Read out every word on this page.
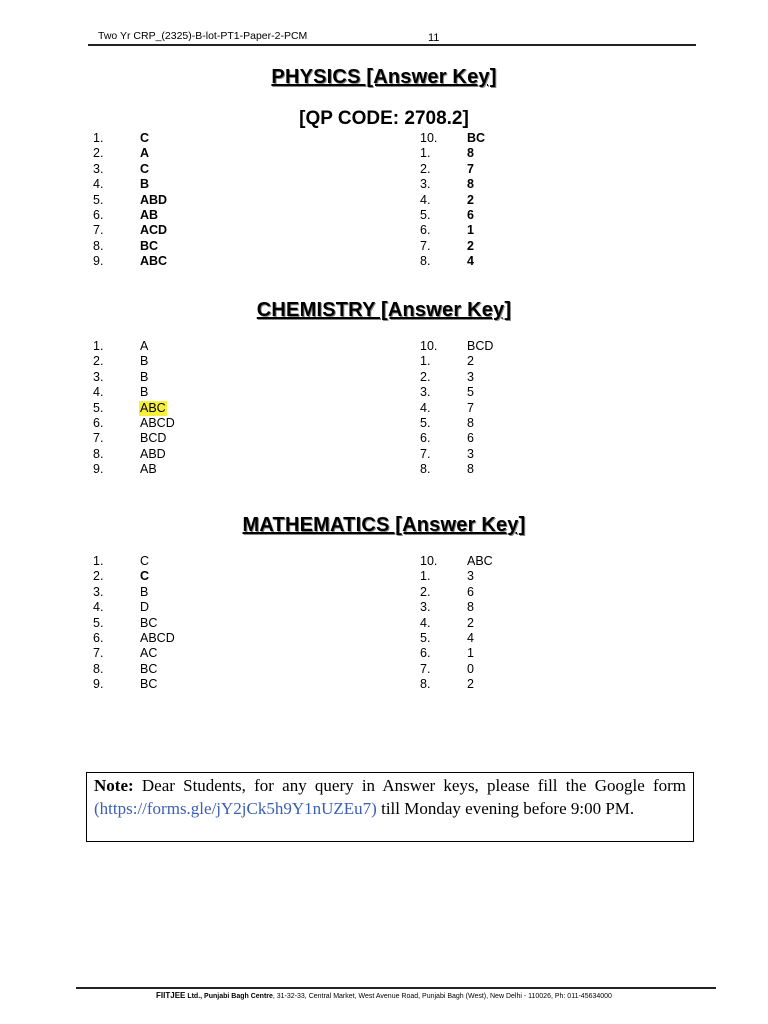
Two Yr CRP_(2325)-B-lot-PT1-Paper-2-PCM	11
PHYSICS [Answer Key]
[QP CODE: 2708.2]
1.	C
2.	A
3.	C
4.	B
5.	ABD
6.	AB
7.	ACD
8.	BC
9.	ABC
10. BC
1.	8
2.	7
3.	8
4.	2
5.	6
6.	1
7.	2
8.	4
CHEMISTRY [Answer Key]
1.	A
2.	B
3.	B
4.	B
5.	ABC
6.	ABCD
7.	BCD
8.	ABD
9.	AB
10. BCD
1.	2
2.	3
3.	5
4.	7
5.	8
6.	6
7.	3
8.	8
MATHEMATICS [Answer Key]
1.	C
2.	C
3.	B
4.	D
5.	BC
6.	ABCD
7.	AC
8.	BC
9.	BC
10. ABC
1.	3
2.	6
3.	8
4.	2
5.	4
6.	1
7.	0
8.	2
Note: Dear Students, for any query in Answer keys, please fill the Google form (https://forms.gle/jY2jCk5h9Y1nUZEu7) till Monday evening before 9:00 PM.
FIITJEE Ltd., Punjabi Bagh Centre, 31-32-33, Central Market, West Avenue Road, Punjabi Bagh (West), New Delhi - 110026, Ph: 011-45634000
